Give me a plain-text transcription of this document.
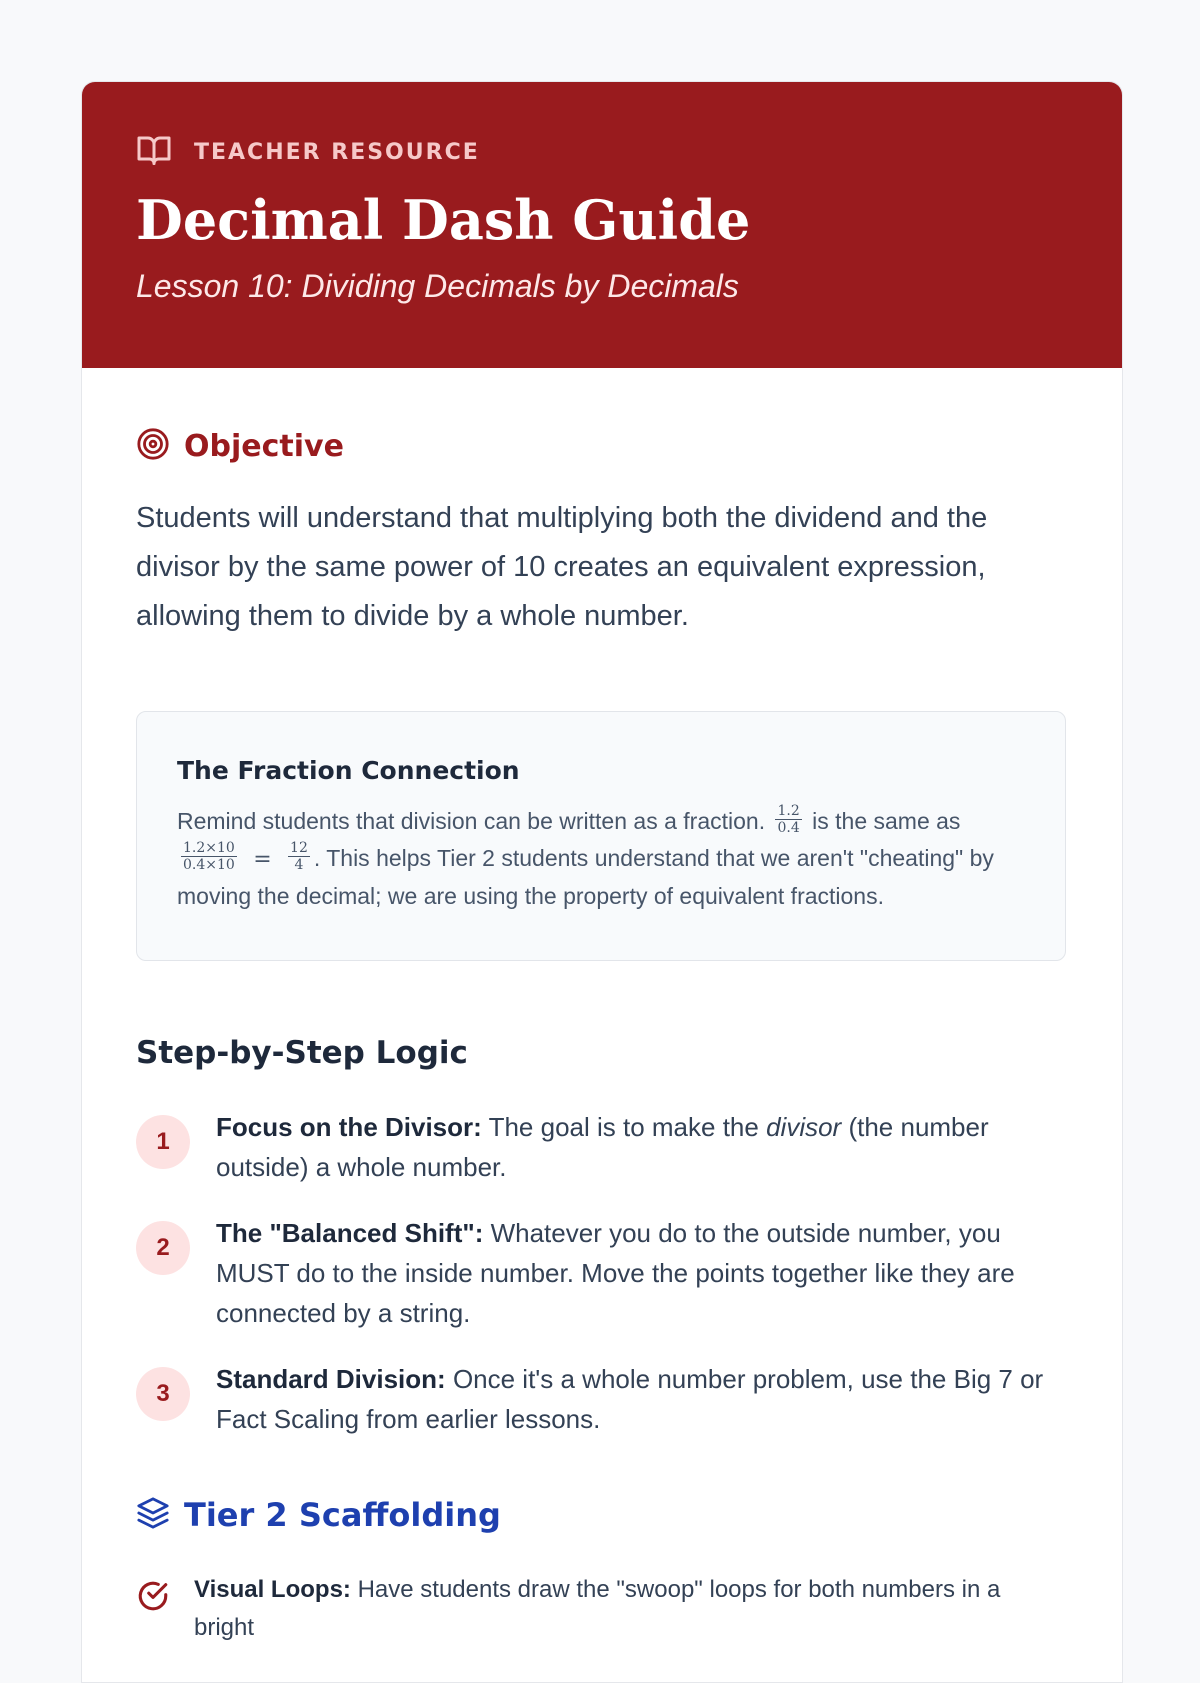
TEACHER RESOURCE
Decimal Dash Guide
Lesson 10: Dividing Decimals by Decimals
Objective
Students will understand that multiplying both the dividend and the divisor by the same power of 10 creates an equivalent expression, allowing them to divide by a whole number.
The Fraction Connection
Remind students that division can be written as a fraction. $\frac{1.2}{0.4}$ is the same as

$\frac{1.2\times 10}{0.4\times 10} = \frac{12}{4}$ . This helps Tier 2 students understand that we aren't "cheating" by moving the decimal; we are using the property of equivalent fractions.
Step-by-Step Logic
1	Focus on the Divisor: The goal is to make the divisor (the number outside) a whole number.
2	The "Balanced Shift": Whatever you do to the outside number, you MUST do to the inside number. Move the points together like they are connected by a string.
3	Standard Division: Once it's a whole number problem, use the Big 7 or Fact Scaling from earlier lessons.
Tier 2 Scaffolding
Visual Loops: Have students draw the "swoop" loops for both numbers in a bright
